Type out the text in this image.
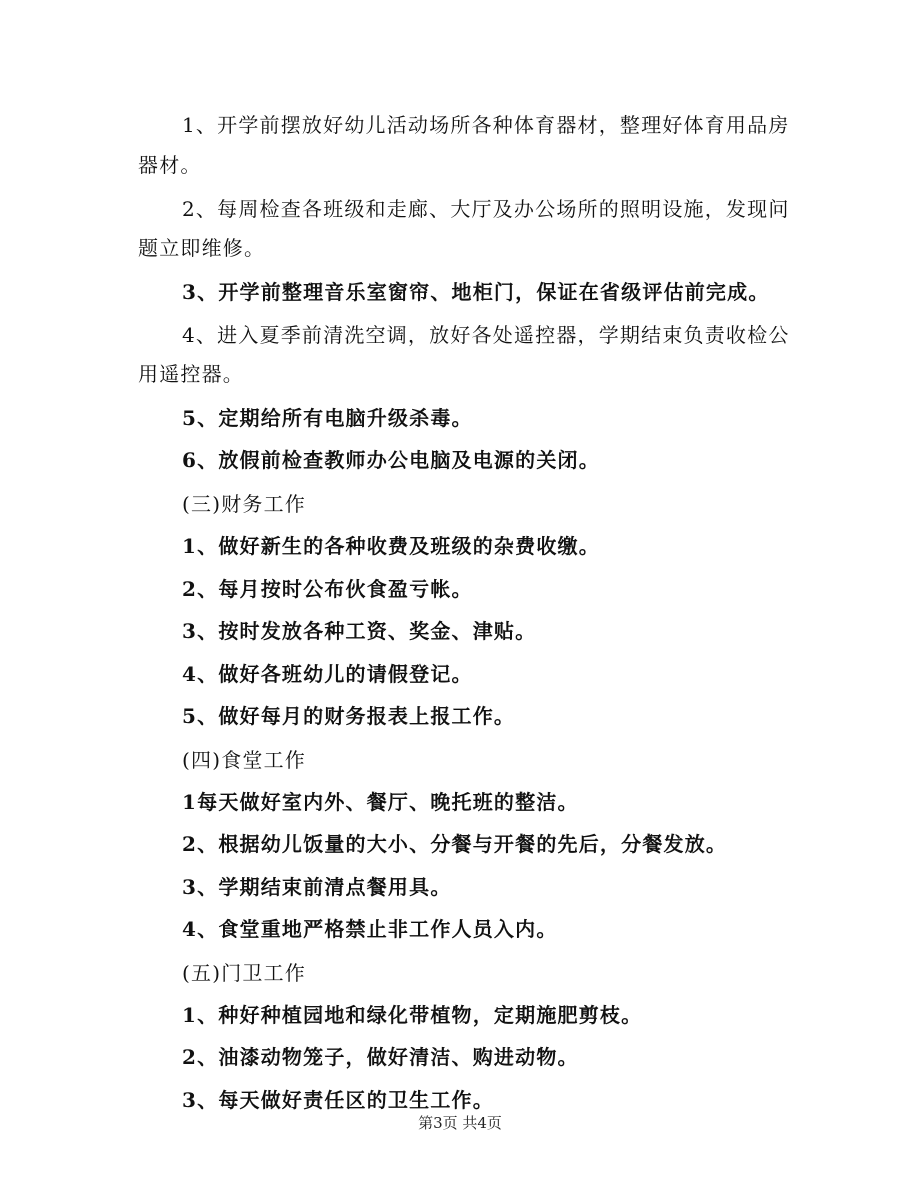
1、开学前摆放好幼儿活动场所各种体育器材，整理好体育用品房
器材。
2、每周检查各班级和走廊、大厅及办公场所的照明设施，发现问
题立即维修。
3、开学前整理音乐室窗帘、地柜门，保证在省级评估前完成。
4、进入夏季前清洗空调，放好各处遥控器，学期结束负责收检公
用遥控器。
5、定期给所有电脑升级杀毒。
6、放假前检查教师办公电脑及电源的关闭。
(三)财务工作
1、做好新生的各种收费及班级的杂费收缴。
2、每月按时公布伙食盈亏帐。
3、按时发放各种工资、奖金、津贴。
4、做好各班幼儿的请假登记。
5、做好每月的财务报表上报工作。
(四)食堂工作
1每天做好室内外、餐厅、晚托班的整洁。
2、根据幼儿饭量的大小、分餐与开餐的先后，分餐发放。
3、学期结束前清点餐用具。
4、食堂重地严格禁止非工作人员入内。
(五)门卫工作
1、种好种植园地和绿化带植物，定期施肥剪枝。
2、油漆动物笼子，做好清洁、购进动物。
3、每天做好责任区的卫生工作。
第3页 共4页
